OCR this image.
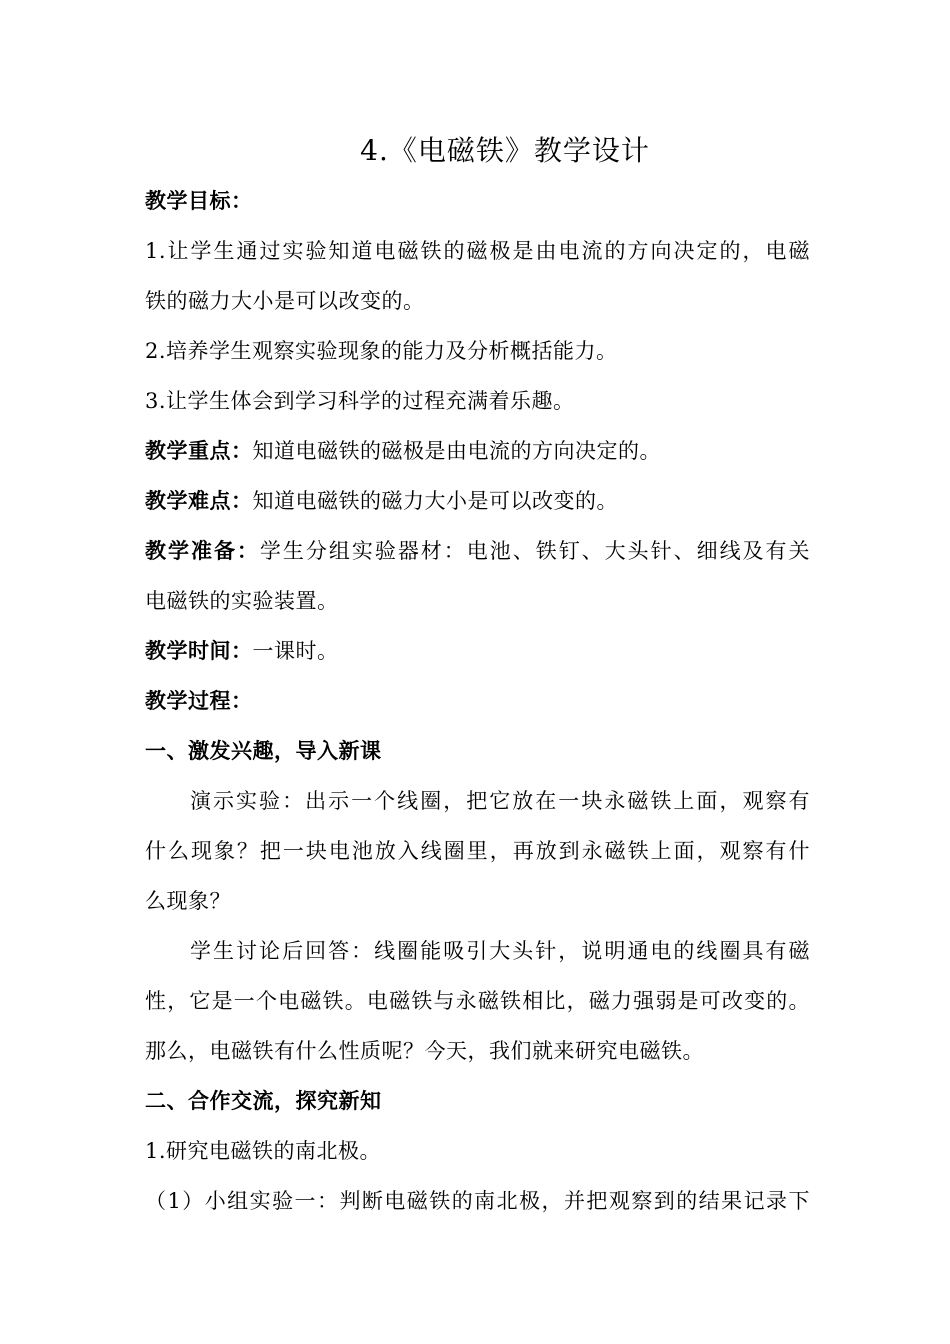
4.《电磁铁》教学设计
教学目标：
1.让学生通过实验知道电磁铁的磁极是由电流的方向决定的，电磁
铁的磁力大小是可以改变的。
2.培养学生观察实验现象的能力及分析概括能力。
3.让学生体会到学习科学的过程充满着乐趣。
教学重点：知道电磁铁的磁极是由电流的方向决定的。
教学难点：知道电磁铁的磁力大小是可以改变的。
教学准备：学生分组实验器材：电池、铁钉、大头针、细线及有关
电磁铁的实验装置。
教学时间：一课时。
教学过程：
一、激发兴趣，导入新课
演示实验：出示一个线圈，把它放在一块永磁铁上面，观察有
什么现象？把一块电池放入线圈里，再放到永磁铁上面，观察有什
么现象？
学生讨论后回答：线圈能吸引大头针，说明通电的线圈具有磁
性，它是一个电磁铁。电磁铁与永磁铁相比，磁力强弱是可改变的。
那么，电磁铁有什么性质呢？今天，我们就来研究电磁铁。
二、合作交流，探究新知
1.研究电磁铁的南北极。
（1）小组实验一：判断电磁铁的南北极，并把观察到的结果记录下
